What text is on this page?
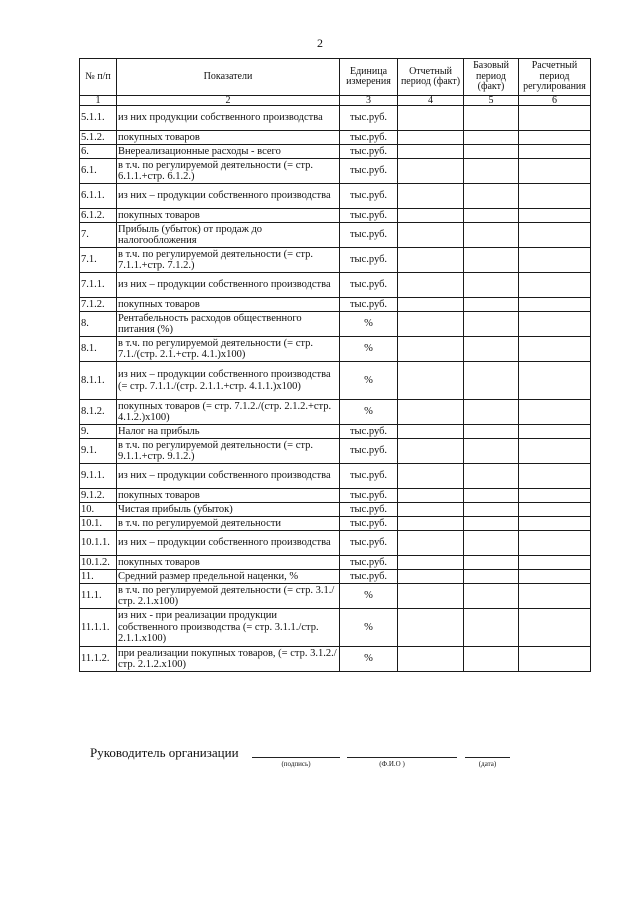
2
№ п/п	Показатели	Единица измерения	Отчетный период (факт)	Базовый период (факт)	Расчетный период регулирования
1	2	3	4	5	6
5.1.1.	из них продукции собственного производства	тыс.руб.			
5.1.2.	покупных товаров	тыс.руб.			
6.	Внереализационные расходы - всего	тыс.руб.			
6.1.	в т.ч. по регулируемой деятельности (= стр. 6.1.1.+стр. 6.1.2.)	тыс.руб.			
6.1.1.	из них – продукции собственного производства	тыс.руб.			
6.1.2.	покупных товаров	тыс.руб.			
7.	Прибыль (убыток) от продаж до налогообложения	тыс.руб.			
7.1.	в т.ч. по регулируемой деятельности (= стр. 7.1.1.+стр. 7.1.2.)	тыс.руб.			
7.1.1.	из них – продукции собственного производства	тыс.руб.			
7.1.2.	покупных товаров	тыс.руб.			
8.	Рентабельность расходов общественного питания (%)	%			
8.1.	в т.ч. по регулируемой деятельности (= стр. 7.1./(стр. 2.1.+стр. 4.1.)x100)	%			
8.1.1.	из них – продукции собственного производства (= стр. 7.1.1./(стр. 2.1.1.+стр. 4.1.1.)x100)	%			
8.1.2.	покупных товаров (= стр. 7.1.2./(стр. 2.1.2.+стр. 4.1.2.)x100)	%			
9.	Налог на прибыль	тыс.руб.			
9.1.	в т.ч. по регулируемой деятельности (= стр. 9.1.1.+стр. 9.1.2.)	тыс.руб.			
9.1.1.	из них – продукции собственного производства	тыс.руб.			
9.1.2.	покупных товаров	тыс.руб.			
10.	Чистая прибыль (убыток)	тыс.руб.			
10.1.	в т.ч. по регулируемой деятельности	тыс.руб.			
10.1.1.	из них – продукции собственного производства	тыс.руб.			
10.1.2.	покупных товаров	тыс.руб.			
11.	Средний размер предельной наценки, %	тыс.руб.			
11.1.	в т.ч. по регулируемой деятельности (= стр. 3.1./стр. 2.1.x100)	%			
11.1.1.	из них - при реализации продукции собственного производства (= стр. 3.1.1./стр. 2.1.1.x100)	%			
11.1.2.	при реализации покупных товаров, (= стр. 3.1.2./стр. 2.1.2.x100)	%			
Руководитель организации
(подпись)	(Ф.И.О )	(дата)
